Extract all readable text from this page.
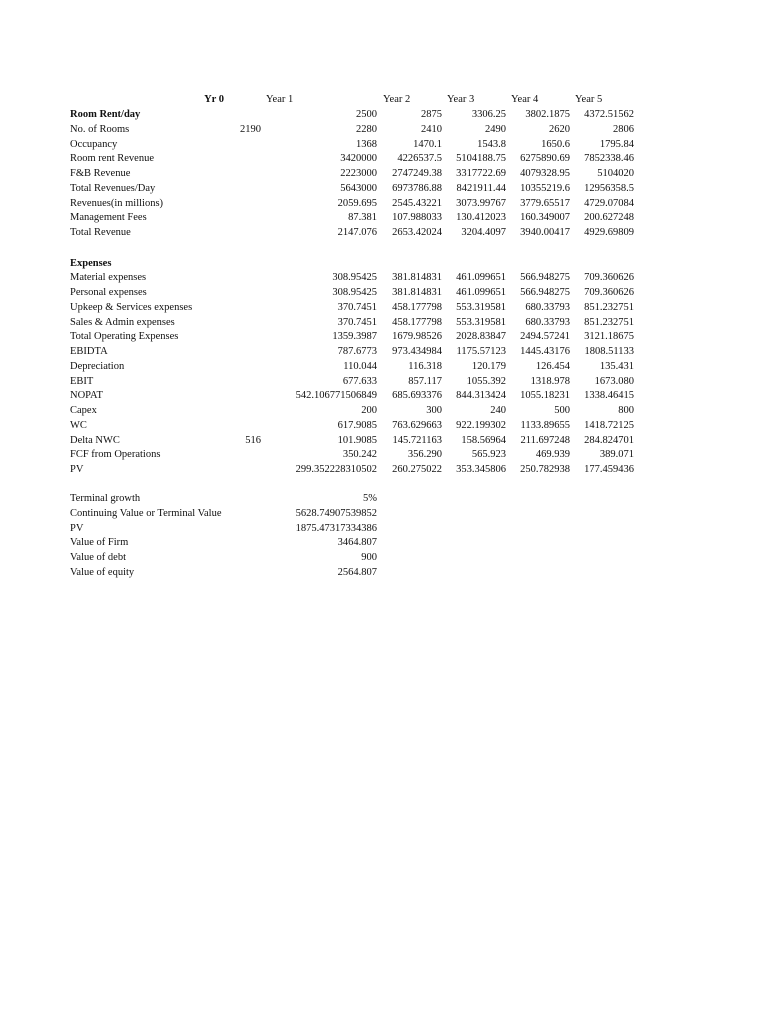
Yr 0	Year 1	Year 2	Year 3	Year 4	Year 5
Room Rent/day	2500	2875	3306.25	3802.1875	4372.51562
No. of Rooms	2190	2280	2410	2490	2620	2806
Occupancy	1368	1470.1	1543.8	1650.6	1795.84
Room rent Revenue	3420000	4226537.5	5104188.75	6275890.69	7852338.46
F&B Revenue	2223000	2747249.38	3317722.69	4079328.95	5104020
Total Revenues/Day	5643000	6973786.88	8421911.44	10355219.6	12956358.5
Revenues(in millions)	2059.695	2545.43221	3073.99767	3779.65517	4729.07084
Management Fees	87.381	107.988033	130.412023	160.349007	200.627248
Total Revenue	2147.076	2653.42024	3204.4097	3940.00417	4929.69809
Expenses
Material expenses	308.95425	381.814831	461.099651	566.948275	709.360626
Personal expenses	308.95425	381.814831	461.099651	566.948275	709.360626
Upkeep & Services expenses	370.7451	458.177798	553.319581	680.33793	851.232751
Sales & Admin expenses	370.7451	458.177798	553.319581	680.33793	851.232751
Total Operating Expenses	1359.3987	1679.98526	2028.83847	2494.57241	3121.18675
EBIDTA	787.6773	973.434984	1175.57123	1445.43176	1808.51133
Depreciation	110.044	116.318	120.179	126.454	135.431
EBIT	677.633	857.117	1055.392	1318.978	1673.080
NOPAT	542.106771506849	685.693376	844.313424	1055.18231	1338.46415
Capex	200	300	240	500	800
WC	617.9085	763.629663	922.199302	1133.89655	1418.72125
Delta NWC	516	101.9085	145.721163	158.56964	211.697248	284.824701
FCF from Operations	350.242	356.290	565.923	469.939	389.071
PV	299.352228310502	260.275022	353.345806	250.782938	177.459436
Terminal growth	5%
Continuing Value or Terminal Value	5628.74907539852
PV	1875.47317334386
Value of Firm	3464.807
Value of debt	900
Value of equity	2564.807
